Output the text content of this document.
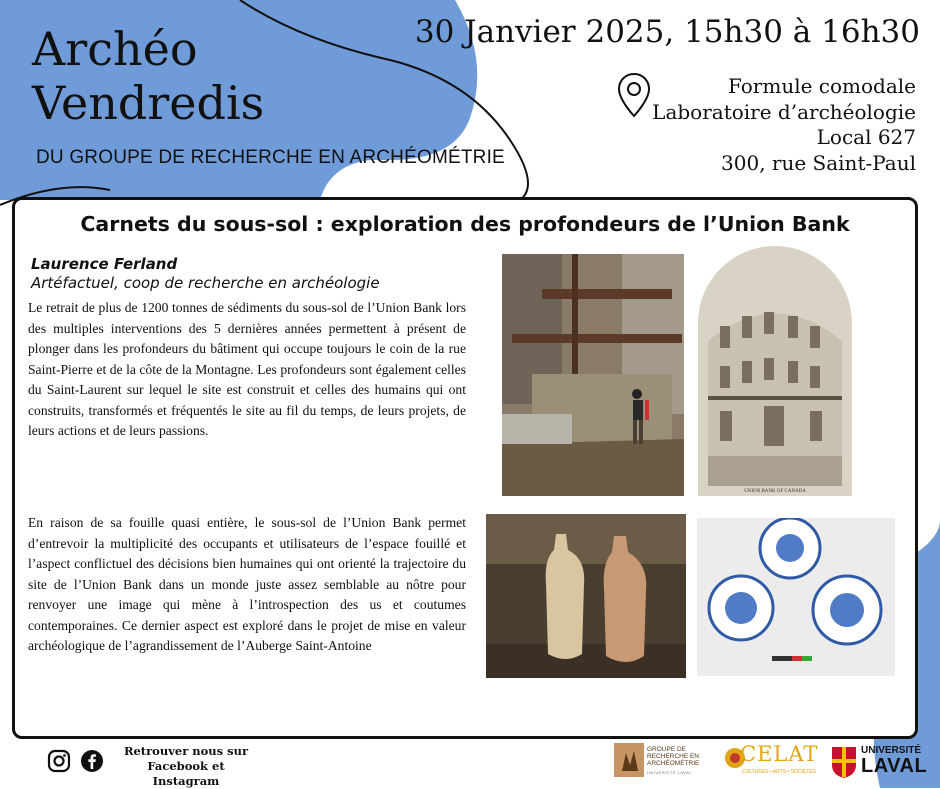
Archéo
Vendredis
DU GROUPE DE RECHERCHE EN ARCHÉOMÉTRIE
30 Janvier 2025, 15h30 à 16h30
Formule comodale
Laboratoire d’archéologie
Local 627
300, rue Saint-Paul
Carnets du sous-sol : exploration des profondeurs de l’Union Bank
Laurence Ferland
Artéfactuel, coop de recherche en archéologie

Le retrait de plus de 1200 tonnes de sédiments du sous-sol de l’Union Bank lors des multiples interventions des 5 dernières années permettent à présent de plonger dans les profondeurs du bâtiment qui occupe toujours le coin de la rue Saint-Pierre et de la côte de la Montagne. Les profondeurs sont également celles du Saint-Laurent sur lequel le site est construit et celles des humains qui ont construits, transformés et fréquentés le site au fil du temps, de leurs projets, de leurs actions et de leurs passions.

En raison de sa fouille quasi entière, le sous-sol de l’Union Bank permet d’entrevoir la multiplicité des occupants et utilisateurs de l’espace fouillé et l’aspect conflictuel des décisions bien humaines qui ont orienté la trajectoire du site de l’Union Bank dans un monde juste assez semblable au nôtre pour renvoyer une image qui mène à l’introspection des us et coutumes contemporaines. Ce dernier aspect est exploré dans le projet de mise en valeur archéologique de l’agrandissement de l’Auberge Saint-Antoine

UNION BANK OF CANADA
Retrouver nous sur
Facebook et Instagram
GROUPE DE
RECHERCHE EN
ARCHÉOMÉTRIE
UNIVERSITÉ LAVAL
CELAT
CULTURES • ARTS • SOCIÉTÉS
UNIVERSITÉ
LAVAL
